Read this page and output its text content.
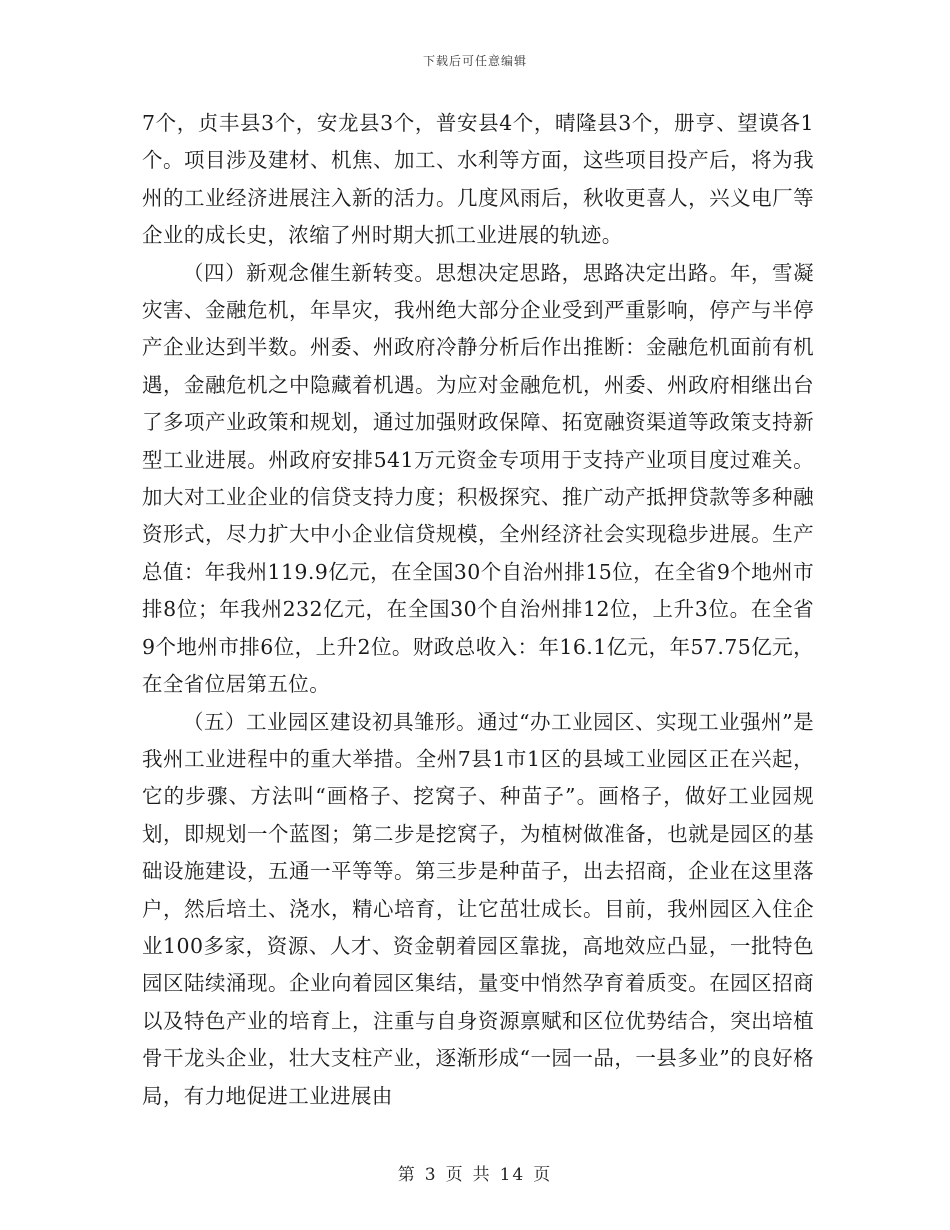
下载后可任意编辑

7个，贞丰县3个，安龙县3个，普安县4个，晴隆县3个，册亨、望谟各1个。项目涉及建材、机焦、加工、水利等方面，这些项目投产后，将为我州的工业经济进展注入新的活力。几度风雨后，秋收更喜人，兴义电厂等企业的成长史，浓缩了州时期大抓工业进展的轨迹。

（四）新观念催生新转变。思想决定思路，思路决定出路。年，雪凝灾害、金融危机，年旱灾，我州绝大部分企业受到严重影响，停产与半停产企业达到半数。州委、州政府冷静分析后作出推断：金融危机面前有机遇，金融危机之中隐藏着机遇。为应对金融危机，州委、州政府相继出台了多项产业政策和规划，通过加强财政保障、拓宽融资渠道等政策支持新型工业进展。州政府安排541万元资金专项用于支持产业项目度过难关。加大对工业企业的信贷支持力度；积极探究、推广动产抵押贷款等多种融资形式，尽力扩大中小企业信贷规模，全州经济社会实现稳步进展。生产总值：年我州119.9亿元，在全国30个自治州排15位，在全省9个地州市排8位；年我州232亿元，在全国30个自治州排12位，上升3位。在全省9个地州市排6位，上升2位。财政总收入：年16.1亿元，年57.75亿元，在全省位居第五位。

（五）工业园区建设初具雏形。通过“办工业园区、实现工业强州”是我州工业进程中的重大举措。全州7县1市1区的县域工业园区正在兴起，它的步骤、方法叫“画格子、挖窝子、种苗子”。画格子，做好工业园规划，即规划一个蓝图；第二步是挖窝子，为植树做准备，也就是园区的基础设施建设，五通一平等等。第三步是种苗子，出去招商，企业在这里落户，然后培土、浇水，精心培育，让它茁壮成长。目前，我州园区入住企业100多家，资源、人才、资金朝着园区靠拢，高地效应凸显，一批特色园区陆续涌现。企业向着园区集结，量变中悄然孕育着质变。在园区招商以及特色产业的培育上，注重与自身资源禀赋和区位优势结合，突出培植骨干龙头企业，壮大支柱产业，逐渐形成“一园一品，一县多业”的良好格局，有力地促进工业进展由

第 3 页 共 14 页
